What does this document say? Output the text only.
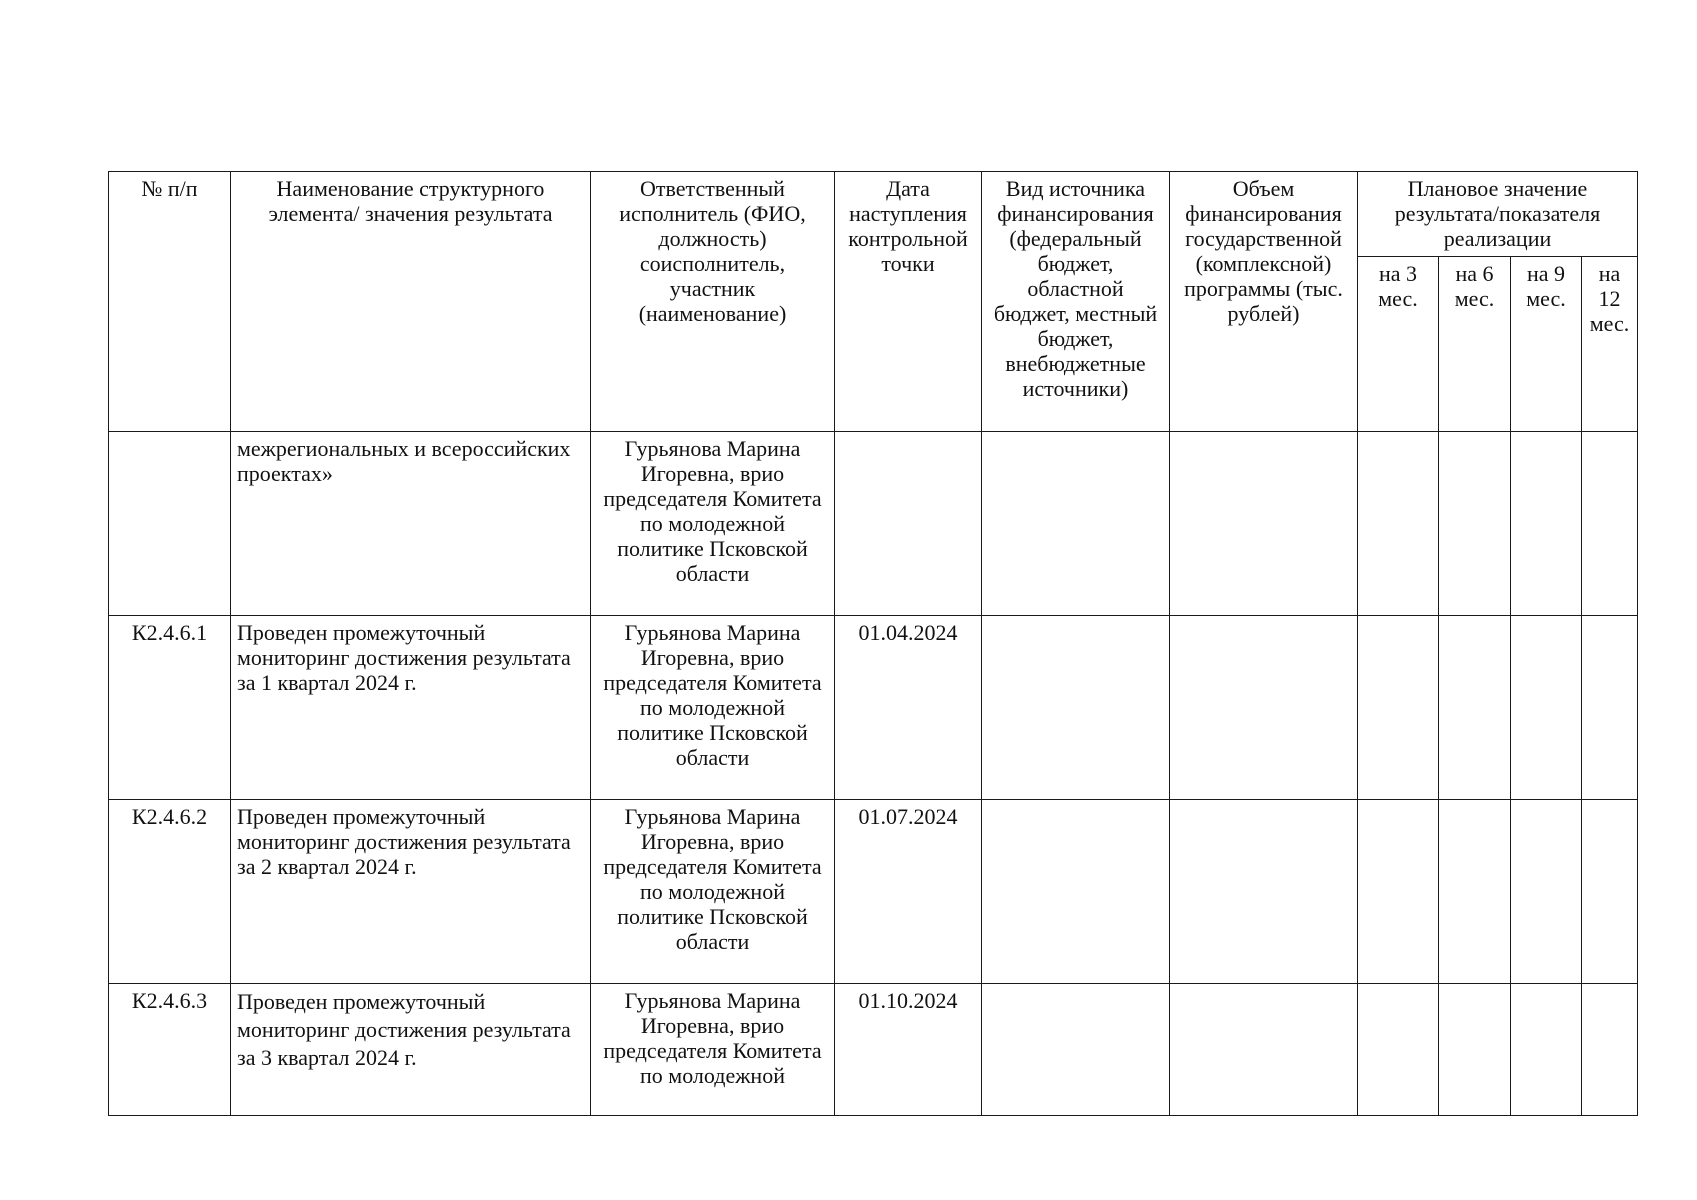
№ п/п	Наименование структурного элемента/ значения результата	Ответственный исполнитель (ФИО, должность) соисполнитель, участник (наименование)	Дата наступления контрольной точки	Вид источника финансирования (федеральный бюджет, областной бюджет, местный бюджет, внебюджетные источники)	Объем финансирования государственной (комплексной) программы (тыс. рублей)	Плановое значение результата/показателя реализации			
						на 3 мес.	на 6 мес.	на 9 мес.	на 12 мес.
	межрегиональных и всероссийских проектах»	Гурьянова Марина Игоревна, врио председателя Комитета по молодежной политике Псковской области							
К2.4.6.1	Проведен промежуточный мониторинг достижения результата за 1 квартал 2024 г.	Гурьянова Марина Игоревна, врио председателя Комитета по молодежной политике Псковской области	01.04.2024						
К2.4.6.2	Проведен промежуточный мониторинг достижения результата за 2 квартал 2024 г.	Гурьянова Марина Игоревна, врио председателя Комитета по молодежной политике Псковской области	01.07.2024						
К2.4.6.3	Проведен промежуточный мониторинг достижения результата за 3 квартал 2024 г.	Гурьянова Марина Игоревна, врио председателя Комитета по молодежной	01.10.2024						
